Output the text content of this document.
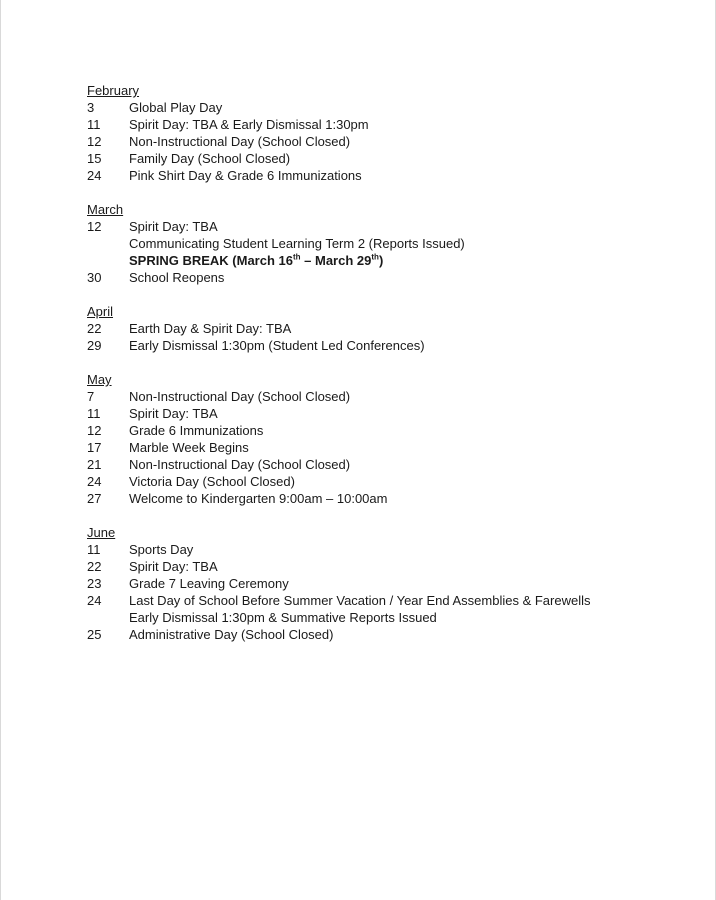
February
3	Global Play Day
11	Spirit Day: TBA & Early Dismissal 1:30pm
12	Non-Instructional Day (School Closed)
15	Family Day (School Closed)
24	Pink Shirt Day & Grade 6 Immunizations
March
12	Spirit Day: TBA
Communicating Student Learning Term 2 (Reports Issued)
SPRING BREAK (March 16th – March 29th)
30	School Reopens
April
22	Earth Day & Spirit Day: TBA
29	Early Dismissal 1:30pm (Student Led Conferences)
May
7	Non-Instructional Day (School Closed)
11	Spirit Day: TBA
12	Grade 6 Immunizations
17	Marble Week Begins
21	Non-Instructional Day (School Closed)
24	Victoria Day (School Closed)
27	Welcome to Kindergarten 9:00am – 10:00am
June
11	Sports Day
22	Spirit Day: TBA
23	Grade 7 Leaving Ceremony
24	Last Day of School Before Summer Vacation / Year End Assemblies & Farewells
Early Dismissal 1:30pm & Summative Reports Issued
25	Administrative Day (School Closed)
